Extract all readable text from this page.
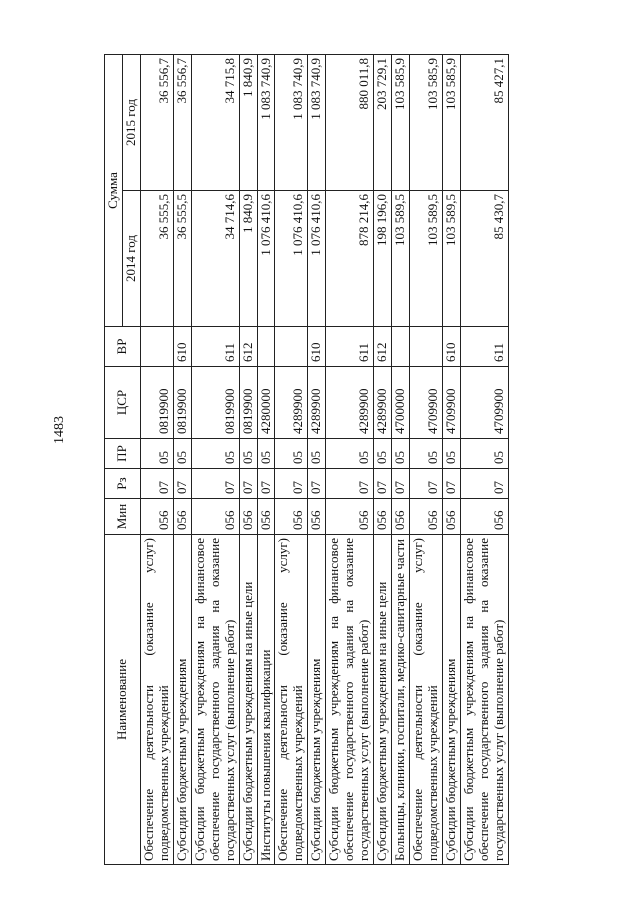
1483
Наименование	Мин	Рз	ПР	ЦСР	ВР	Сумма	
						2014 год	2015 год
Обеспечение деятельности (оказание услуг) подведомственных учреждений	056	07	05	0819900		36 555,5	36 556,7
Субсидии бюджетным учреждениям	056	07	05	0819900	610	36 555,5	36 556,7
Субсидии бюджетным учреждениям на финансовое обеспечение государственного задания на оказание государственных услуг (выполнение работ)	056	07	05	0819900	611	34 714,6	34 715,8
Субсидии бюджетным учреждениям на иные цели	056	07	05	0819900	612	1 840,9	1 840,9
Институты повышения квалификации	056	07	05	4280000		1 076 410,6	1 083 740,9
Обеспечение деятельности (оказание услуг) подведомственных учреждений	056	07	05	4289900		1 076 410,6	1 083 740,9
Субсидии бюджетным учреждениям	056	07	05	4289900	610	1 076 410,6	1 083 740,9
Субсидии бюджетным учреждениям на финансовое обеспечение государственного задания на оказание государственных услуг (выполнение работ)	056	07	05	4289900	611	878 214,6	880 011,8
Субсидии бюджетным учреждениям на иные цели	056	07	05	4289900	612	198 196,0	203 729,1
Больницы, клиники, госпитали, медико-санитарные части	056	07	05	4700000		103 589,5	103 585,9
Обеспечение деятельности (оказание услуг) подведомственных учреждений	056	07	05	4709900		103 589,5	103 585,9
Субсидии бюджетным учреждениям	056	07	05	4709900	610	103 589,5	103 585,9
Субсидии бюджетным учреждениям на финансовое обеспечение государственного задания на оказание государственных услуг (выполнение работ)	056	07	05	4709900	611	85 430,7	85 427,1
